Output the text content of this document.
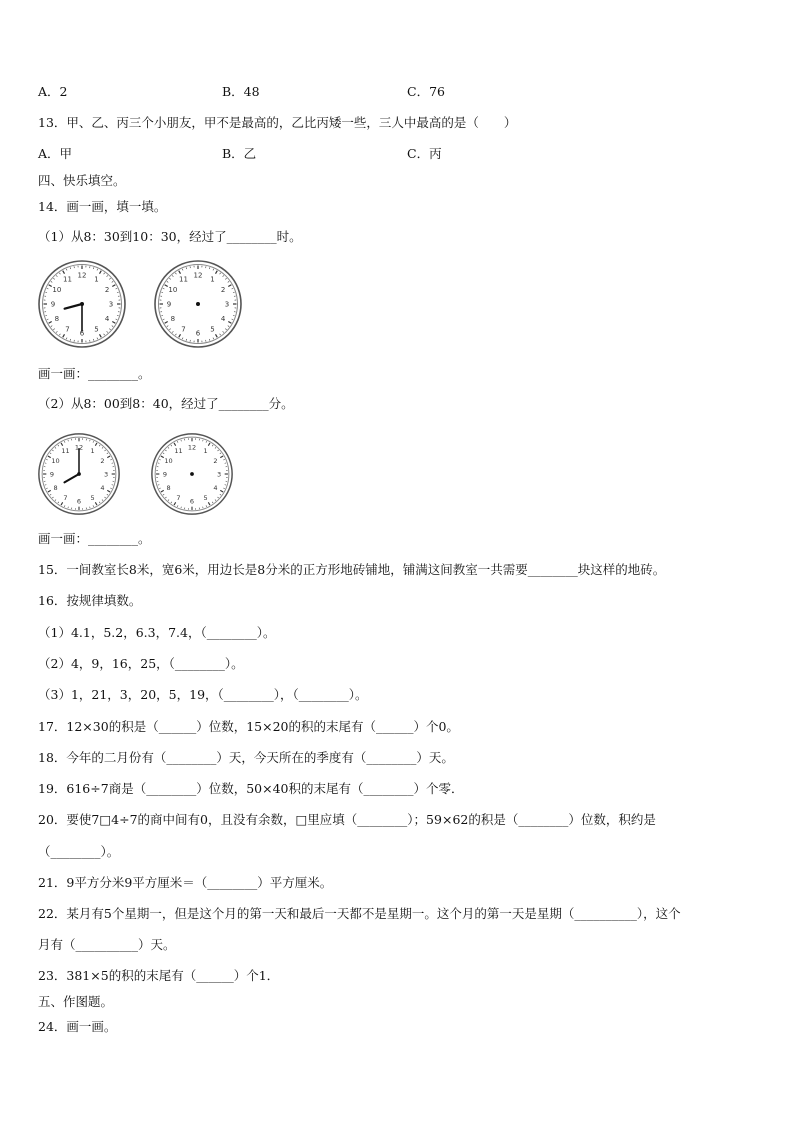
A．2	B．48	C．76
13．甲、乙、丙三个小朋友，甲不是最高的，乙比丙矮一些，三人中最高的是（　　）
A．甲	B．乙	C．丙
四、快乐填空。
14．画一画，填一填。
（1）从8：30到10：30，经过了________时。
12 1
2
3
4
5
6
7
8
9
10
11	12 1
2
3
4
5
6
7
8
9
10
11
画一画：________。
（2）从8：00到8：40，经过了________分。
12 1
2
3
4
5
6
7
8
9
10
11	12 1
2
3
4
5
6
7
8
9
10
11
画一画：________。
15．一间教室长8米，宽6米，用边长是8分米的正方形地砖铺地，铺满这间教室一共需要________块这样的地砖。
16．按规律填数。
（1）4.1，5.2，6.3，7.4，（________）。
（2）4，9，16，25，（________）。
（3）1，21，3，20，5，19，（________），（________）。
17．12×30的积是（______）位数，15×20的积的末尾有（______）个0。
18．今年的二月份有（________）天，今天所在的季度有（________）天。
19．616÷7商是（________）位数，50×40积的末尾有（________）个零．
20．要使7□4÷7的商中间有0，且没有余数，□里应填（________）；59×62的积是（________）位数，积约是
（________）。
21．9平方分米9平方厘米＝（________）平方厘米。
22．某月有5个星期一，但是这个月的第一天和最后一天都不是星期一。这个月的第一天是星期（__________），这个
月有（__________）天。
23．381×5的积的末尾有（______）个1．
五、作图题。
24．画一画。
